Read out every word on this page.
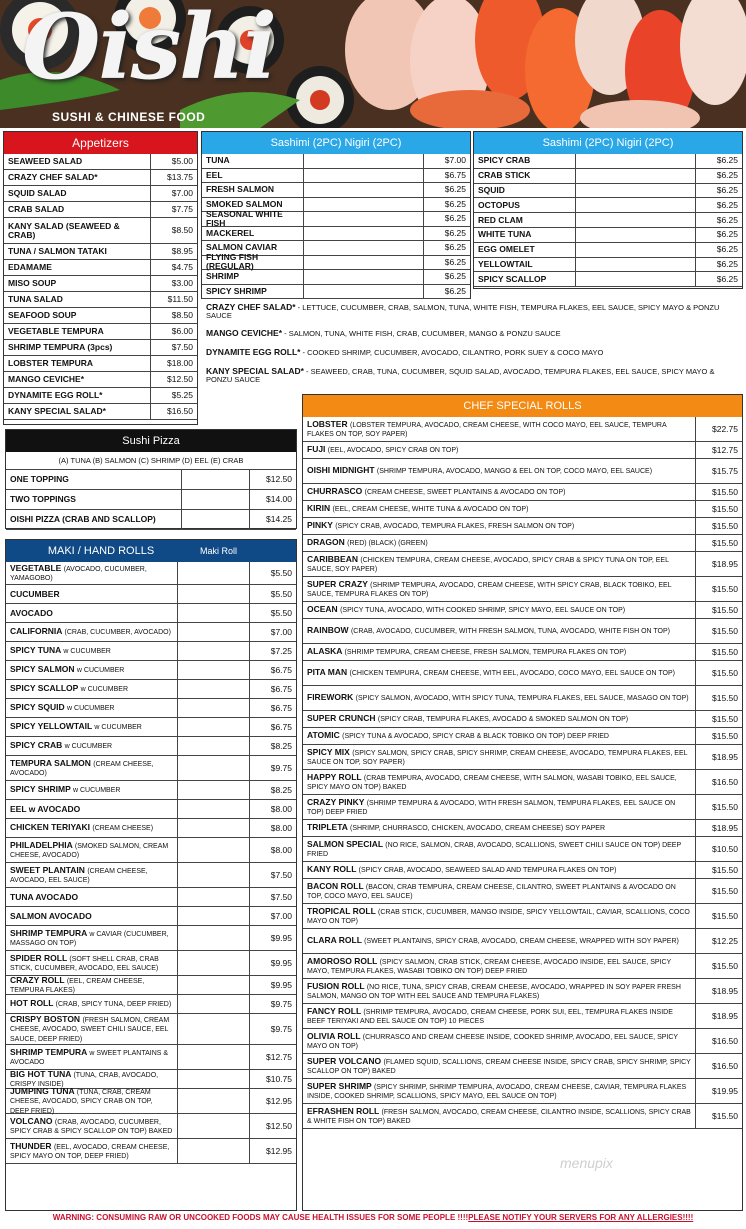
Oishi
SUSHI & CHINESE FOOD
Appetizers
SEAWEED SALAD	$5.00
CRAZY CHEF SALAD*	$13.75
SQUID SALAD	$7.00
CRAB SALAD	$7.75
KANY SALAD (SEAWEED & CRAB)	$8.50
TUNA / SALMON TATAKI	$8.95
EDAMAME	$4.75
MISO SOUP	$3.00
TUNA SALAD	$11.50
SEAFOOD SOUP	$8.50
VEGETABLE TEMPURA	$6.00
SHRIMP TEMPURA (3pcs)	$7.50
LOBSTER TEMPURA	$18.00
MANGO CEVICHE*	$12.50
DYNAMITE EGG ROLL*	$5.25
KANY SPECIAL SALAD*	$16.50
Sashimi (2PC) Nigiri (2PC)
TUNA	$7.00
EEL	$6.75
FRESH SALMON	$6.25
SMOKED SALMON	$6.25
SEASONAL WHITE FISH	$6.25
MACKEREL	$6.25
SALMON CAVIAR	$6.25
FLYING FISH (REGULAR)	$6.25
SHRIMP	$6.25
SPICY SHRIMP	$6.25
Sashimi (2PC) Nigiri (2PC)
SPICY CRAB	$6.25
CRAB STICK	$6.25
SQUID	$6.25
OCTOPUS	$6.25
RED CLAM	$6.25
WHITE TUNA	$6.25
EGG OMELET	$6.25
YELLOWTAIL	$6.25
SPICY SCALLOP	$6.25
CRAZY CHEF SALAD* - LETTUCE, CUCUMBER, CRAB, SALMON, TUNA, WHITE FISH, TEMPURA FLAKES, EEL SAUCE, SPICY MAYO & PONZU SAUCE
MANGO CEVICHE* - SALMON, TUNA, WHITE FISH, CRAB, CUCUMBER, MANGO & PONZU SAUCE
DYNAMITE EGG ROLL* - COOKED SHRIMP, CUCUMBER, AVOCADO, CILANTRO, PORK SUEY & COCO MAYO
KANY SPECIAL SALAD* - SEAWEED, CRAB, TUNA, CUCUMBER, SQUID SALAD, AVOCADO, TEMPURA FLAKES, EEL SAUCE, SPICY MAYO & PONZU SAUCE
Sushi Pizza
(A) TUNA (B) SALMON (C) SHRIMP (D) EEL (E) CRAB
ONE TOPPING	$12.50
TWO TOPPINGS	$14.00
OISHI PIZZA (CRAB AND SCALLOP)	$14.25
MAKI / HAND ROLLS	Maki Roll
VEGETABLE (AVOCADO, CUCUMBER, YAMAGOBO)
$5.50
CUCUMBER	$5.50
AVOCADO	$5.50
CALIFORNIA (CRAB, CUCUMBER, AVOCADO)	$7.00
SPICY TUNA w CUCUMBER	$7.25
SPICY SALMON w CUCUMBER	$6.75
SPICY SCALLOP w CUCUMBER	$6.75
SPICY SQUID w CUCUMBER	$6.75
SPICY YELLOWTAIL w CUCUMBER	$6.75
SPICY CRAB w CUCUMBER	$8.25
TEMPURA SALMON (CREAM CHEESE, AVOCADO)
$9.75
SPICY SHRIMP w CUCUMBER	$8.25
EEL w AVOCADO	$8.00
CHICKEN TERIYAKI (CREAM CHEESE)	$8.00
PHILADELPHIA (SMOKED SALMON, CREAM CHEESE, AVOCADO)
$8.00
SWEET PLANTAIN (CREAM CHEESE, AVOCADO, EEL SAUCE)
$7.50
TUNA AVOCADO	$7.50
SALMON AVOCADO	$7.00
SHRIMP TEMPURA w CAVIAR (CUCUMBER, MASSAGO ON TOP)
$9.95
SPIDER ROLL (SOFT SHELL CRAB, CRAB STICK, CUCUMBER, AVOCADO, EEL SAUCE)
$9.95
CRAZY ROLL (EEL, CREAM CHEESE, TEMPURA FLAKES)
$9.95
HOT ROLL (CRAB, SPICY TUNA, DEEP FRIED)	$9.75
CRISPY BOSTON (FRESH SALMON, CREAM CHEESE, AVOCADO, SWEET CHILI SAUCE, EEL SAUCE, DEEP FRIED)
$9.75
SHRIMP TEMPURA w SWEET PLANTAINS & AVOCADO
$12.75
BIG HOT TUNA (TUNA, CRAB, AVOCADO, CRISPY INSIDE)
$10.75
JUMPING TUNA (TUNA, CRAB, CREAM CHEESE, AVOCADO, SPICY CRAB ON TOP, DEEP FRIED)
$12.95
VOLCANO (CRAB, AVOCADO, CUCUMBER, SPICY CRAB & SPICY SCALLOP ON TOP) BAKED
$12.50
THUNDER (EEL, AVOCADO, CREAM CHEESE, SPICY MAYO ON TOP, DEEP FRIED)
$12.95
CHEF SPECIAL ROLLS
LOBSTER (LOBSTER TEMPURA, AVOCADO, CREAM CHEESE, WITH COCO MAYO, EEL SAUCE, TEMPURA FLAKES ON TOP, SOY PAPER)
$22.75
FUJI (EEL, AVOCADO, SPICY CRAB ON TOP)	$12.75
OISHI MIDNIGHT (SHRIMP TEMPURA, AVOCADO, MANGO & EEL ON TOP, COCO MAYO, EEL SAUCE)	$15.75
CHURRASCO (CREAM CHEESE, SWEET PLANTAINS & AVOCADO ON TOP)	$15.50
KIRIN (EEL, CREAM CHEESE, WHITE TUNA & AVOCADO ON TOP)	$15.50
PINKY (SPICY CRAB, AVOCADO, TEMPURA FLAKES, FRESH SALMON ON TOP)	$15.50
DRAGON (RED) (BLACK) (GREEN)	$15.50
CARIBBEAN (CHICKEN TEMPURA, CREAM CHEESE, AVOCADO, SPICY CRAB & SPICY TUNA ON TOP, EEL SAUCE, SOY PAPER)
$18.95
SUPER CRAZY (SHRIMP TEMPURA, AVOCADO, CREAM CHEESE, WITH SPICY CRAB, BLACK TOBIKO, EEL SAUCE, TEMPURA FLAKES ON TOP)
$15.50
OCEAN (SPICY TUNA, AVOCADO, WITH COOKED SHRIMP, SPICY MAYO, EEL SAUCE ON TOP)	$15.50
RAINBOW (CRAB, AVOCADO, CUCUMBER, WITH FRESH SALMON, TUNA, AVOCADO, WHITE FISH ON TOP)	$15.50
ALASKA (SHRIMP TEMPURA, CREAM CHEESE, FRESH SALMON, TEMPURA FLAKES ON TOP)	$15.50
PITA MAN (CHICKEN TEMPURA, CREAM CHEESE, WITH EEL, AVOCADO, COCO MAYO, EEL SAUCE ON TOP)	$15.50
FIREWORK (SPICY SALMON, AVOCADO, WITH SPICY TUNA, TEMPURA FLAKES, EEL SAUCE, MASAGO ON TOP)	$15.50
SUPER CRUNCH (SPICY CRAB, TEMPURA FLAKES, AVOCADO & SMOKED SALMON ON TOP)	$15.50
ATOMIC (SPICY TUNA & AVOCADO, SPICY CRAB & BLACK TOBIKO ON TOP) DEEP FRIED	$15.50
SPICY MIX (SPICY SALMON, SPICY CRAB, SPICY SHRIMP, CREAM CHEESE, AVOCADO, TEMPURA FLAKES, EEL SAUCE ON TOP, SOY PAPER)
$18.95
HAPPY ROLL (CRAB TEMPURA, AVOCADO, CREAM CHEESE, WITH SALMON, WASABI TOBIKO, EEL SAUCE, SPICY MAYO ON TOP) BAKED
$16.50
CRAZY PINKY (SHRIMP TEMPURA & AVOCADO, WITH FRESH SALMON, TEMPURA FLAKES, EEL SAUCE ON TOP) DEEP FRIED
$15.50
TRIPLETA (SHRIMP, CHURRASCO, CHICKEN, AVOCADO, CREAM CHEESE) SOY PAPER	$18.95
SALMON SPECIAL (NO RICE, SALMON, CRAB, AVOCADO, SCALLIONS, SWEET CHILI SAUCE ON TOP) DEEP FRIED
$10.50
KANY ROLL (SPICY CRAB, AVOCADO, SEAWEED SALAD AND TEMPURA FLAKES ON TOP)	$15.50
BACON ROLL (BACON, CRAB TEMPURA, CREAM CHEESE, CILANTRO, SWEET PLANTAINS & AVOCADO ON TOP, COCO MAYO, EEL SAUCE)
$15.50
TROPICAL ROLL (CRAB STICK, CUCUMBER, MANGO INSIDE, SPICY YELLOWTAIL, CAVIAR, SCALLIONS, COCO MAYO ON TOP)
$15.50
CLARA ROLL (SWEET PLANTAINS, SPICY CRAB, AVOCADO, CREAM CHEESE, WRAPPED WITH SOY PAPER)	$12.25
AMOROSO ROLL (SPICY SALMON, CRAB STICK, CREAM CHEESE, AVOCADO INSIDE, EEL SAUCE, SPICY MAYO, TEMPURA FLAKES, WASABI TOBIKO ON TOP) DEEP FRIED
$15.50
FUSION ROLL (NO RICE, TUNA, SPICY CRAB, CREAM CHEESE, AVOCADO, WRAPPED IN SOY PAPER FRESH SALMON, MANGO ON TOP WITH EEL SAUCE AND TEMPURA FLAKES)
$18.95
FANCY ROLL (SHRIMP TEMPURA, AVOCADO, CREAM CHEESE, PORK SUI, EEL, TEMPURA FLAKES INSIDE BEEF TERIYAKI AND EEL SAUCE ON TOP) 10 PIECES
$18.95
OLIVIA ROLL (CHURRASCO AND CREAM CHEESE INSIDE, COOKED SHRIMP, AVOCADO, EEL SAUCE, SPICY MAYO ON TOP)
$16.50
SUPER VOLCANO (FLAMED SQUID, SCALLIONS, CREAM CHEESE INSIDE, SPICY CRAB, SPICY SHRIMP, SPICY SCALLOP ON TOP) BAKED
$16.50
SUPER SHRIMP (SPICY SHRIMP, SHRIMP TEMPURA, AVOCADO, CREAM CHEESE, CAVIAR, TEMPURA FLAKES INSIDE, COOKED SHRIMP, SCALLIONS, SPICY MAYO, EEL SAUCE ON TOP)
$19.95
EFRASHEN ROLL (FRESH SALMON, AVOCADO, CREAM CHEESE, CILANTRO INSIDE, SCALLIONS, SPICY CRAB & WHITE FISH ON TOP) BAKED
$15.50
menupix
WARNING: CONSUMING RAW OR UNCOOKED FOODS MAY CAUSE HEALTH ISSUES FOR SOME PEOPLE !!!!PLEASE NOTIFY YOUR SERVERS FOR ANY ALLERGIES!!!!
